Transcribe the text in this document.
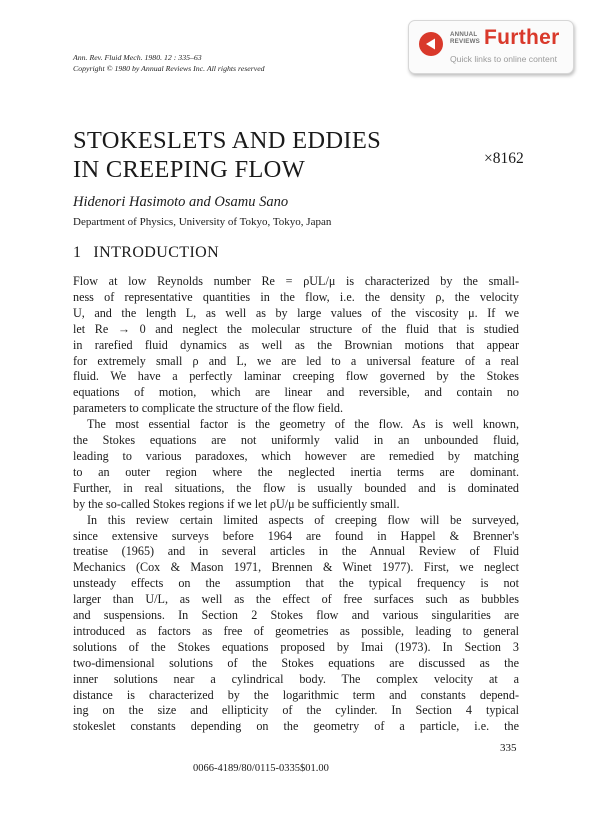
Ann. Rev. Fluid Mech. 1980. 12 : 335–63
Copyright © 1980 by Annual Reviews Inc. All rights reserved
ANNUAL
REVIEWS Further
Quick links to online content
STOKESLETS AND EDDIES
IN CREEPING FLOW	×8162
Hidenori Hasimoto and Osamu Sano
Department of Physics, University of Tokyo, Tokyo, Japan
1 INTRODUCTION

Flow at low Reynolds number Re = ρUL/μ is characterized by the small-

ness of representative quantities in the flow, i.e. the density ρ, the velocity

U, and the length L, as well as by large values of the viscosity μ. If we

let Re → 0 and neglect the molecular structure of the fluid that is studied

in rarefied fluid dynamics as well as the Brownian motions that appear

for extremely small ρ and L, we are led to a universal feature of a real

fluid. We have a perfectly laminar creeping flow governed by the Stokes

equations of motion, which are linear and reversible, and contain no

parameters to complicate the structure of the flow field.

The most essential factor is the geometry of the flow. As is well known,

the Stokes equations are not uniformly valid in an unbounded fluid,

leading to various paradoxes, which however are remedied by matching

to an outer region where the neglected inertia terms are dominant.

Further, in real situations, the flow is usually bounded and is dominated

by the so-called Stokes regions if we let ρU/μ be sufficiently small.

In this review certain limited aspects of creeping flow will be surveyed,

since extensive surveys before 1964 are found in Happel & Brenner's

treatise (1965) and in several articles in the Annual Review of Fluid

Mechanics (Cox & Mason 1971, Brennen & Winet 1977). First, we neglect

unsteady effects on the assumption that the typical frequency is not

larger than U/L, as well as the effect of free surfaces such as bubbles

and suspensions. In Section 2 Stokes flow and various singularities are

introduced as factors as free of geometries as possible, leading to general

solutions of the Stokes equations proposed by Imai (1973). In Section 3

two-dimensional solutions of the Stokes equations are discussed as the

inner solutions near a cylindrical body. The complex velocity at a

distance is characterized by the logarithmic term and constants depend-

ing on the size and ellipticity of the cylinder. In Section 4 typical

stokeslet constants depending on the geometry of a particle, i.e. the

335
0066-4189/80/0115-0335$01.00
